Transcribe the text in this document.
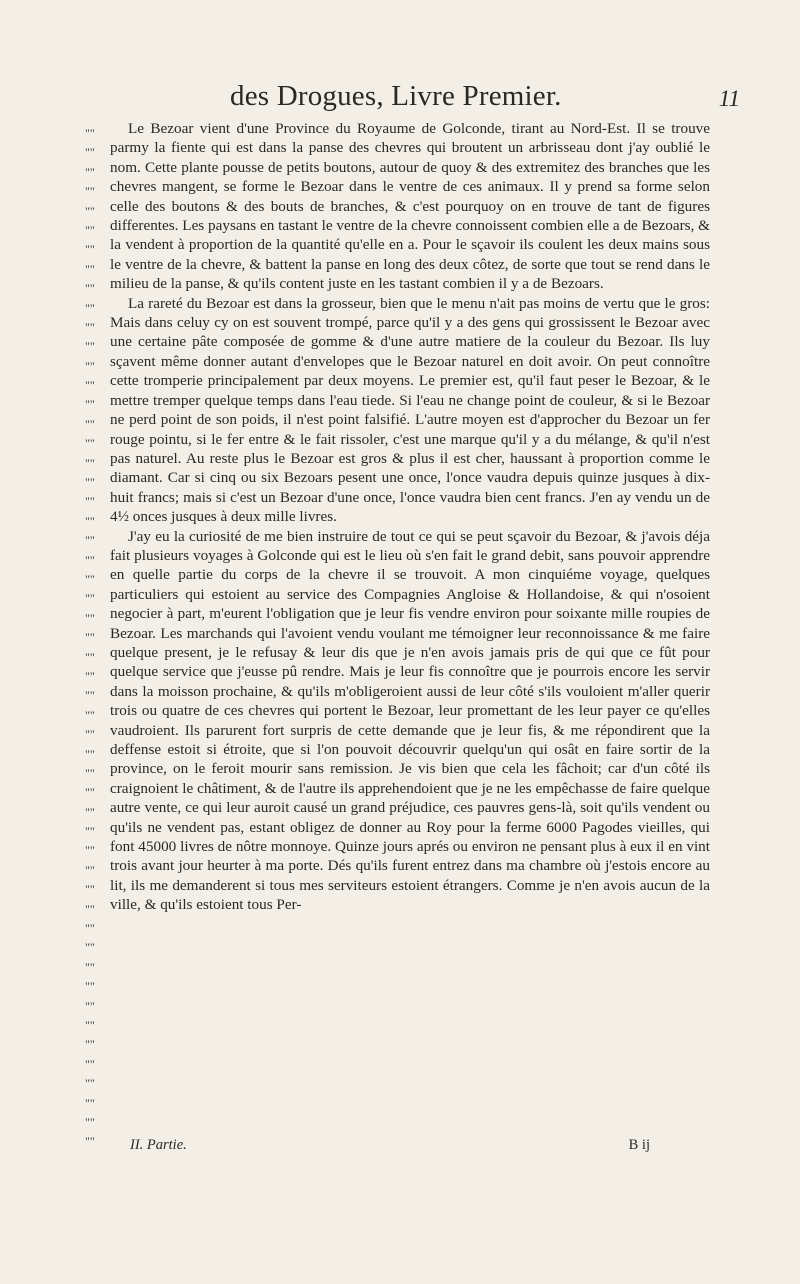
des Drogues, Livre Premier.	11
""
""
""
""
""
""
""
""
""
""
""
""
""
""
""
""
""
""
""
""
""
""
""
""
""
""
""
""
""
""
""
""
""
""
""
""
""
""
""
""
""
""
""
""
""
""
""
""
""
""
""
""
""

Le Bezoar vient d'une Province du Royaume de Golconde, tirant au Nord-Est. Il se trouve parmy la fiente qui est dans la panse des chevres qui broutent un arbrisseau dont j'ay oublié le nom. Cette plante pousse de petits boutons, autour de quoy & des extremitez des branches que les chevres mangent, se forme le Bezoar dans le ventre de ces animaux. Il y prend sa forme selon celle des boutons & des bouts de branches, & c'est pourquoy on en trouve de tant de figures differentes. Les paysans en tastant le ventre de la chevre connoissent combien elle a de Bezoars, & la vendent à proportion de la quantité qu'elle en a. Pour le sçavoir ils coulent les deux mains sous le ventre de la chevre, & battent la panse en long des deux côtez, de sorte que tout se rend dans le milieu de la panse, & qu'ils content juste en les tastant combien il y a de Bezoars.

La rareté du Bezoar est dans la grosseur, bien que le menu n'ait pas moins de vertu que le gros: Mais dans celuy cy on est souvent trompé, parce qu'il y a des gens qui grossissent le Bezoar avec une certaine pâte composée de gomme & d'une autre matiere de la couleur du Bezoar. Ils luy sçavent même donner autant d'envelopes que le Bezoar naturel en doit avoir. On peut connoître cette tromperie principalement par deux moyens. Le premier est, qu'il faut peser le Bezoar, & le mettre tremper quelque temps dans l'eau tiede. Si l'eau ne change point de couleur, & si le Bezoar ne perd point de son poids, il n'est point falsifié. L'autre moyen est d'approcher du Bezoar un fer rouge pointu, si le fer entre & le fait rissoler, c'est une marque qu'il y a du mélange, & qu'il n'est pas naturel. Au reste plus le Bezoar est gros & plus il est cher, haussant à proportion comme le diamant. Car si cinq ou six Bezoars pesent une once, l'once vaudra depuis quinze jusques à dix-huit francs; mais si c'est un Bezoar d'une once, l'once vaudra bien cent francs. J'en ay vendu un de 4½ onces jusques à deux mille livres.

J'ay eu la curiosité de me bien instruire de tout ce qui se peut sçavoir du Bezoar, & j'avois déja fait plusieurs voyages à Golconde qui est le lieu où s'en fait le grand debit, sans pouvoir apprendre en quelle partie du corps de la chevre il se trouvoit. A mon cinquiéme voyage, quelques particuliers qui estoient au service des Compagnies Angloise & Hollandoise, & qui n'osoient negocier à part, m'eurent l'obligation que je leur fis vendre environ pour soixante mille roupies de Bezoar. Les marchands qui l'avoient vendu voulant me témoigner leur reconnoissance & me faire quelque present, je le refusay & leur dis que je n'en avois jamais pris de qui que ce fût pour quelque service que j'eusse pû rendre. Mais je leur fis connoître que je pourrois encore les servir dans la moisson prochaine, & qu'ils m'obligeroient aussi de leur côté s'ils vouloient m'aller querir trois ou quatre de ces chevres qui portent le Bezoar, leur promettant de les leur payer ce qu'elles vaudroient. Ils parurent fort surpris de cette demande que je leur fis, & me répondirent que la deffense estoit si étroite, que si l'on pouvoit découvrir quelqu'un qui osât en faire sortir de la province, on le feroit mourir sans remission. Je vis bien que cela les fâchoit; car d'un côté ils craignoient le châtiment, & de l'autre ils apprehendoient que je ne les empêchasse de faire quelque autre vente, ce qui leur auroit causé un grand préjudice, ces pauvres gens-là, soit qu'ils vendent ou qu'ils ne vendent pas, estant obligez de donner au Roy pour la ferme 6000 Pagodes vieilles, qui font 45000 livres de nôtre monnoye. Quinze jours aprés ou environ ne pensant plus à eux il en vint trois avant jour heurter à ma porte. Dés qu'ils furent entrez dans ma chambre où j'estois encore au lit, ils me demanderent si tous mes serviteurs estoient étrangers. Comme je n'en avois aucun de la ville, & qu'ils estoient tous Per-

II. Partie.	B ij
